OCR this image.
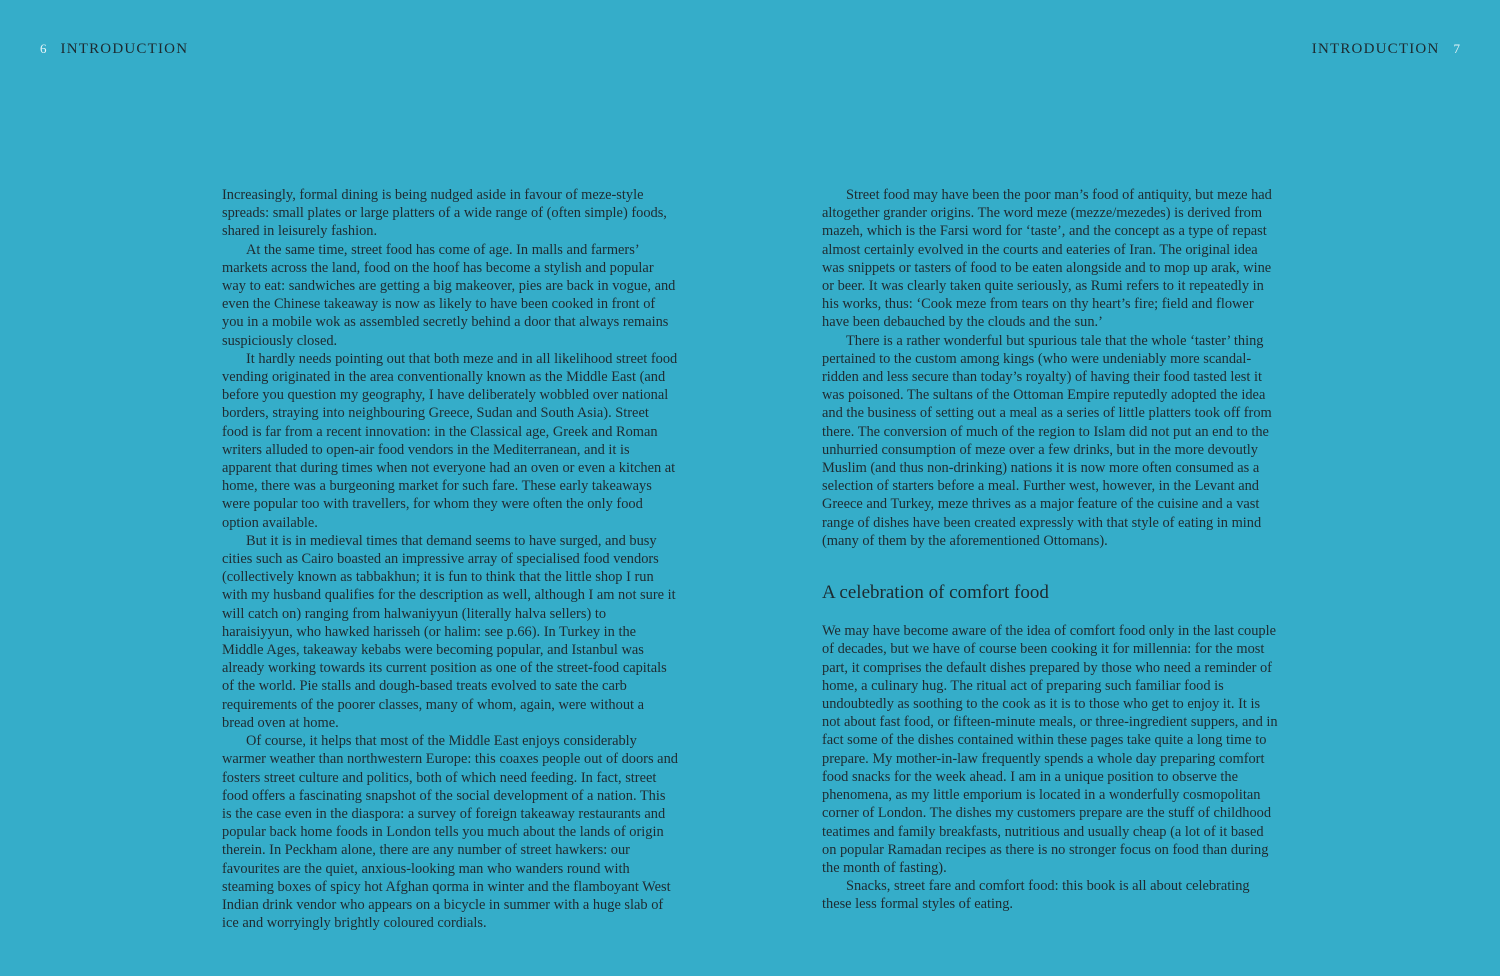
6 INTRODUCTION	INTRODUCTION 7

Increasingly, formal dining is being nudged aside in favour of meze-style spreads: small plates or large platters of a wide range of (often simple) foods, shared in leisurely fashion.

At the same time, street food has come of age. In malls and farmers’ markets across the land, food on the hoof has become a stylish and popular way to eat: sandwiches are getting a big makeover, pies are back in vogue, and even the Chinese takeaway is now as likely to have been cooked in front of you in a mobile wok as assembled secretly behind a door that always remains suspiciously closed.

It hardly needs pointing out that both meze and in all likelihood street food vending originated in the area conventionally known as the Middle East (and before you question my geography, I have deliberately wobbled over national borders, straying into neighbouring Greece, Sudan and South Asia). Street food is far from a recent innovation: in the Classical age, Greek and Roman writers alluded to open-air food vendors in the Mediterranean, and it is apparent that during times when not everyone had an oven or even a kitchen at home, there was a burgeoning market for such fare. These early takeaways were popular too with travellers, for whom they were often the only food option available.

But it is in medieval times that demand seems to have surged, and busy cities such as Cairo boasted an impressive array of specialised food vendors (collectively known as tabbakhun; it is fun to think that the little shop I run with my husband qualifies for the description as well, although I am not sure it will catch on) ranging from halwaniyyun (literally halva sellers) to haraisiyyun, who hawked harisseh (or halim: see p.66). In Turkey in the Middle Ages, takeaway kebabs were becoming popular, and Istanbul was already working towards its current position as one of the street-food capitals of the world. Pie stalls and dough-based treats evolved to sate the carb requirements of the poorer classes, many of whom, again, were without a bread oven at home.

Of course, it helps that most of the Middle East enjoys considerably warmer weather than northwestern Europe: this coaxes people out of doors and fosters street culture and politics, both of which need feeding. In fact, street food offers a fascinating snapshot of the social development of a nation. This is the case even in the diaspora: a survey of foreign takeaway restaurants and popular back home foods in London tells you much about the lands of origin therein. In Peckham alone, there are any number of street hawkers: our favourites are the quiet, anxious-looking man who wanders round with steaming boxes of spicy hot Afghan qorma in winter and the flamboyant West Indian drink vendor who appears on a bicycle in summer with a huge slab of ice and worryingly brightly coloured cordials.

Street food may have been the poor man’s food of antiquity, but meze had altogether grander origins. The word meze (mezze/mezedes) is derived from mazeh, which is the Farsi word for ‘taste’, and the concept as a type of repast almost certainly evolved in the courts and eateries of Iran. The original idea was snippets or tasters of food to be eaten alongside and to mop up arak, wine or beer. It was clearly taken quite seriously, as Rumi refers to it repeatedly in his works, thus: ‘Cook meze from tears on thy heart’s fire; field and flower have been debauched by the clouds and the sun.’

There is a rather wonderful but spurious tale that the whole ‘taster’ thing pertained to the custom among kings (who were undeniably more scandal-ridden and less secure than today’s royalty) of having their food tasted lest it was poisoned. The sultans of the Ottoman Empire reputedly adopted the idea and the business of setting out a meal as a series of little platters took off from there. The conversion of much of the region to Islam did not put an end to the unhurried consumption of meze over a few drinks, but in the more devoutly Muslim (and thus non-drinking) nations it is now more often consumed as a selection of starters before a meal. Further west, however, in the Levant and Greece and Turkey, meze thrives as a major feature of the cuisine and a vast range of dishes have been created expressly with that style of eating in mind (many of them by the aforementioned Ottomans).

A celebration of comfort food

We may have become aware of the idea of comfort food only in the last couple of decades, but we have of course been cooking it for millennia: for the most part, it comprises the default dishes prepared by those who need a reminder of home, a culinary hug. The ritual act of preparing such familiar food is undoubtedly as soothing to the cook as it is to those who get to enjoy it. It is not about fast food, or fifteen-minute meals, or three-ingredient suppers, and in fact some of the dishes contained within these pages take quite a long time to prepare. My mother-in-law frequently spends a whole day preparing comfort food snacks for the week ahead. I am in a unique position to observe the phenomena, as my little emporium is located in a wonderfully cosmopolitan corner of London. The dishes my customers prepare are the stuff of childhood teatimes and family breakfasts, nutritious and usually cheap (a lot of it based on popular Ramadan recipes as there is no stronger focus on food than during the month of fasting).

Snacks, street fare and comfort food: this book is all about celebrating these less formal styles of eating.
